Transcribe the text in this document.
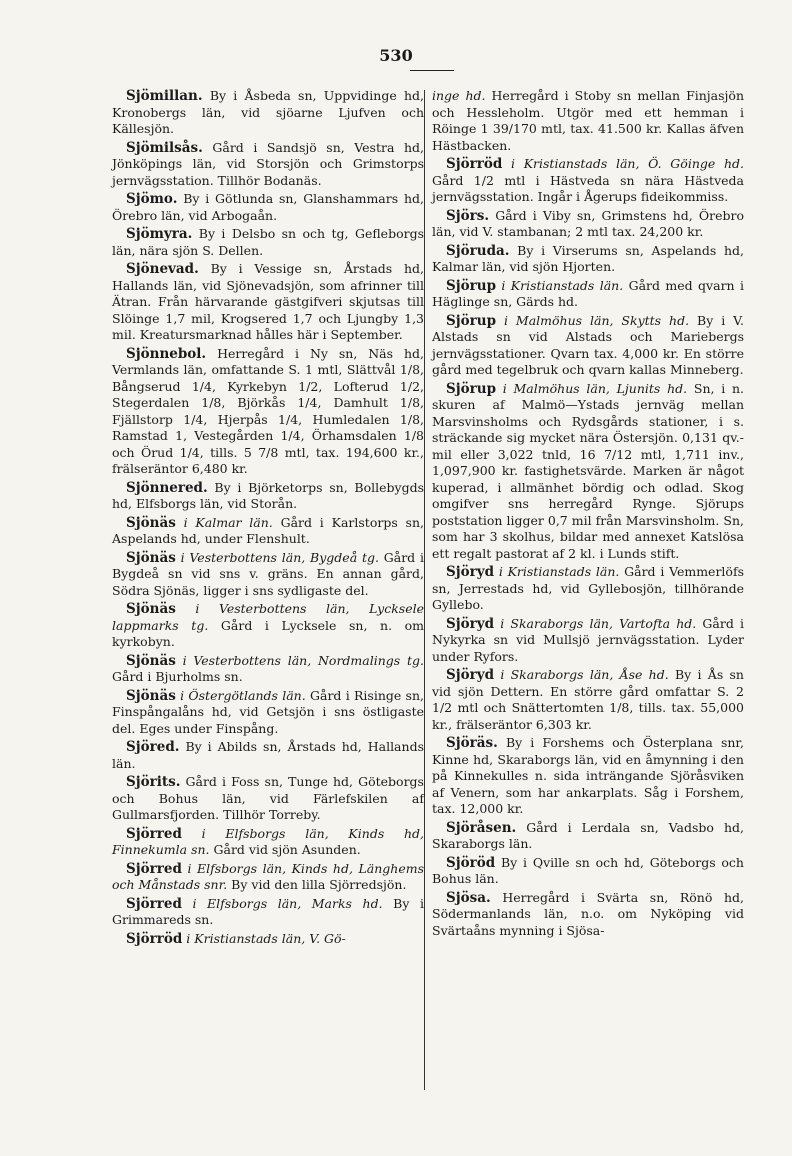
530

Sjömillan. By i Åsbeda sn, Uppvidinge hd, Kronobergs län, vid sjöarne Ljufven och Källesjön.

Sjömilsås. Gård i Sandsjö sn, Vestra hd, Jönköpings län, vid Storsjön och Grimstorps jernvägsstation. Tillhör Bodanäs.

Sjömo. By i Götlunda sn, Glanshammars hd, Örebro län, vid Arbogaån.

Sjömyra. By i Delsbo sn och tg, Gefleborgs län, nära sjön S. Dellen.

Sjönevad. By i Vessige sn, Årstads hd, Hallands län, vid Sjönevadsjön, som afrinner till Ätran. Från härvarande gästgifveri skjutsas till Slöinge 1,7 mil, Krogsered 1,7 och Ljungby 1,3 mil. Kreatursmarknad hålles här i September.

Sjönnebol. Herregård i Ny sn, Näs hd, Vermlands län, omfattande S. 1 mtl, Slättvål 1/8, Bångserud 1/4, Kyrkebyn 1/2, Lofterud 1/2, Stegerdalen 1/8, Björkås 1/4, Damhult 1/8, Fjällstorp 1/4, Hjerpås 1/4, Humledalen 1/8, Ramstad 1, Vestegården 1/4, Örhamsdalen 1/8 och Örud 1/4, tills. 5 7/8 mtl, tax. 194,600 kr., frälseräntor 6,480 kr.

Sjönnered. By i Björketorps sn, Bollebygds hd, Elfsborgs län, vid Storån.

Sjönäs i Kalmar län. Gård i Karlstorps sn, Aspelands hd, under Flenshult.

Sjönäs i Vesterbottens län, Bygdeå tg. Gård i Bygdeå sn vid sns v. gräns. En annan gård, Södra Sjönäs, ligger i sns sydligaste del.

Sjönäs i Vesterbottens län, Lycksele lappmarks tg. Gård i Lycksele sn, n. om kyrkobyn.

Sjönäs i Vesterbottens län, Nordmalings tg. Gård i Bjurholms sn.

Sjönäs i Östergötlands län. Gård i Risinge sn, Finspångalåns hd, vid Getsjön i sns östligaste del. Eges under Finspång.

Sjöred. By i Abilds sn, Årstads hd, Hallands län.

Sjörits. Gård i Foss sn, Tunge hd, Göteborgs och Bohus län, vid Färlefskilen af Gullmarsfjorden. Tillhör Torreby.

Sjörred i Elfsborgs län, Kinds hd, Finnekumla sn. Gård vid sjön Asunden.

Sjörred i Elfsborgs län, Kinds hd, Länghems och Månstads snr. By vid den lilla Sjörredsjön.

Sjörred i Elfsborgs län, Marks hd. By i Grimmareds sn.

Sjörröd i Kristianstads län, V. Gö-

inge hd. Herregård i Stoby sn mellan Finjasjön och Hessleholm. Utgör med ett hemman i Röinge 1 39/170 mtl, tax. 41.500 kr. Kallas äfven Hästbacken.

Sjörröd i Kristianstads län, Ö. Göinge hd. Gård 1/2 mtl i Hästveda sn nära Hästveda jernvägsstation. Ingår i Ågerups fideikommiss.

Sjörs. Gård i Viby sn, Grimstens hd, Örebro län, vid V. stambanan; 2 mtl tax. 24,200 kr.

Sjöruda. By i Virserums sn, Aspelands hd, Kalmar län, vid sjön Hjorten.

Sjörup i Kristianstads län. Gård med qvarn i Häglinge sn, Gärds hd.

Sjörup i Malmöhus län, Skytts hd. By i V. Alstads sn vid Alstads och Mariebergs jernvägsstationer. Qvarn tax. 4,000 kr. En större gård med tegelbruk och qvarn kallas Minneberg.

Sjörup i Malmöhus län, Ljunits hd. Sn, i n. skuren af Malmö—Ystads jernväg mellan Marsvinsholms och Rydsgårds stationer, i s. sträckande sig mycket nära Östersjön. 0,131 qv.-mil eller 3,022 tnld, 16 7/12 mtl, 1,711 inv., 1,097,900 kr. fastighetsvärde. Marken är något kuperad, i allmänhet bördig och odlad. Skog omgifver sns herregård Rynge. Sjörups poststation ligger 0,7 mil från Marsvinsholm. Sn, som har 3 skolhus, bildar med annexet Katslösa ett regalt pastorat af 2 kl. i Lunds stift.

Sjöryd i Kristianstads län. Gård i Vemmerlöfs sn, Jerrestads hd, vid Gyllebosjön, tillhörande Gyllebo.

Sjöryd i Skaraborgs län, Vartofta hd. Gård i Nykyrka sn vid Mullsjö jernvägsstation. Lyder under Ryfors.

Sjöryd i Skaraborgs län, Åse hd. By i Ås sn vid sjön Dettern. En större gård omfattar S. 2 1/2 mtl och Snättertomten 1/8, tills. tax. 55,000 kr., frälseräntor 6,303 kr.

Sjöräs. By i Forshems och Österplana snr, Kinne hd, Skaraborgs län, vid en åmynning i den på Kinnekulles n. sida inträngande Sjöråsviken af Venern, som har ankarplats. Såg i Forshem, tax. 12,000 kr.

Sjöråsen. Gård i Lerdala sn, Vadsbo hd, Skaraborgs län.

Sjöröd By i Qville sn och hd, Göteborgs och Bohus län.

Sjösa. Herregård i Svärta sn, Rönö hd, Södermanlands län, n.o. om Nyköping vid Svärtaåns mynning i Sjösa-
